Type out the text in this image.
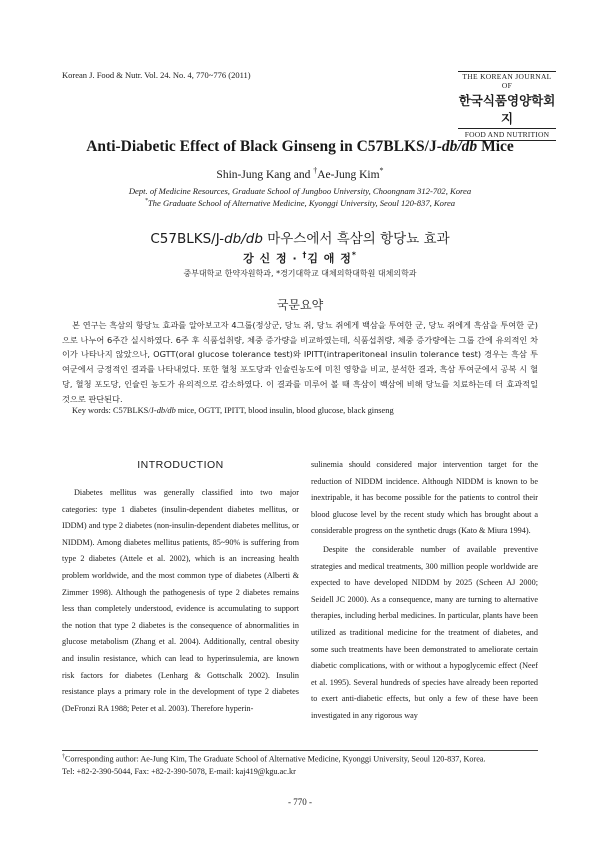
Korean J. Food & Nutr. Vol. 24. No. 4, 770~776 (2011)	THE KOREAN JOURNAL OF
한국식품영양학회지
FOOD AND NUTRITION
Anti-Diabetic Effect of Black Ginseng in C57BLKS/J-db/db Mice
Shin-Jung Kang and †Ae-Jung Kim*
Dept. of Medicine Resources, Graduate School of Jungboo University, Choongnam 312-702, Korea
*The Graduate School of Alternative Medicine, Kyonggi University, Seoul 120-837, Korea
C57BLKS/J-db/db 마우스에서 흑삼의 항당뇨 효과
강 신 정 · †김 애 정*
중부대학교 한약자원학과, *경기대학교 대체의학대학원 대체의학과
국문요약

본 연구는 흑삼의 항당뇨 효과를 알아보고자 4그룹(정상군, 당뇨 쥐, 당뇨 쥐에게 백삼을 투여한 군, 당뇨 쥐에게 흑삼을 투여한 군)으로 나누어 6주간 실시하였다. 6주 후 식품섭취량, 체중 증가량을 비교하였는데, 식품섭취량, 체중 증가량에는 그룹 간에 유의적인 차이가 나타나지 않았으나, OGTT(oral glucose tolerance test)와 IPITT(intraperitoneal insulin tolerance test) 경우는 흑삼 투여군에서 긍정적인 결과를 나타내었다. 또한 혈청 포도당과 인슐린농도에 미친 영향을 비교, 분석한 결과, 흑삼 투여군에서 공복 시 혈당, 혈청 포도당, 인슐린 농도가 유의적으로 감소하였다. 이 결과를 미루어 볼 때 흑삼이 백삼에 비해 당뇨를 치료하는데 더 효과적일 것으로 판단된다.

Key words: C57BLKS/J-db/db mice, OGTT, IPITT, blood insulin, blood glucose, black ginseng
INTRODUCTION

Diabetes mellitus was generally classified into two major categories: type 1 diabetes (insulin-dependent diabetes mellitus, or IDDM) and type 2 diabetes (non-insulin-dependent diabetes mellitus, or NIDDM). Among diabetes mellitus patients, 85~90% is suffering from type 2 diabetes (Attele et al. 2002), which is an increasing health problem worldwide, and the most common type of diabetes (Alberti & Zimmer 1998). Although the pathogenesis of type 2 diabetes remains less than completely understood, evidence is accumulating to support the notion that type 2 diabetes is the consequence of abnormalities in glucose metabolism (Zhang et al. 2004). Additionally, central obesity and insulin resistance, which can lead to hyperinsulemia, are known risk factors for diabetes (Lenharg & Gottschalk 2002). Insulin resistance plays a primary role in the development of type 2 diabetes (DeFronzi RA 1988; Peter et al. 2003). Therefore hyperin-

sulinemia should considered major intervention target for the reduction of NIDDM incidence. Although NIDDM is known to be inextripable, it has become possible for the patients to control their blood glucose level by the recent study which has brought about a considerable progress on the synthetic drugs (Kato & Miura 1994).

Despite the considerable number of available preventive strategies and medical treatments, 300 million people worldwide are expected to have developed NIDDM by 2025 (Scheen AJ 2000; Seidell JC 2000). As a consequence, many are turning to alternative therapies, including herbal medicines. In particular, plants have been utilized as traditional medicine for the treatment of diabetes, and some such treatments have been demonstrated to ameliorate certain diabetic complications, with or without a hypoglycemic effect (Neef et al. 1995). Several hundreds of species have already been reported to exert anti-diabetic effects, but only a few of these have been investigated in any rigorous way

†Corresponding author: Ae-Jung Kim, The Graduate School of Alternative Medicine, Kyonggi University, Seoul 120-837, Korea.
Tel: +82-2-390-5044, Fax: +82-2-390-5078, E-mail: kaj419@kgu.ac.kr
- 770 -
